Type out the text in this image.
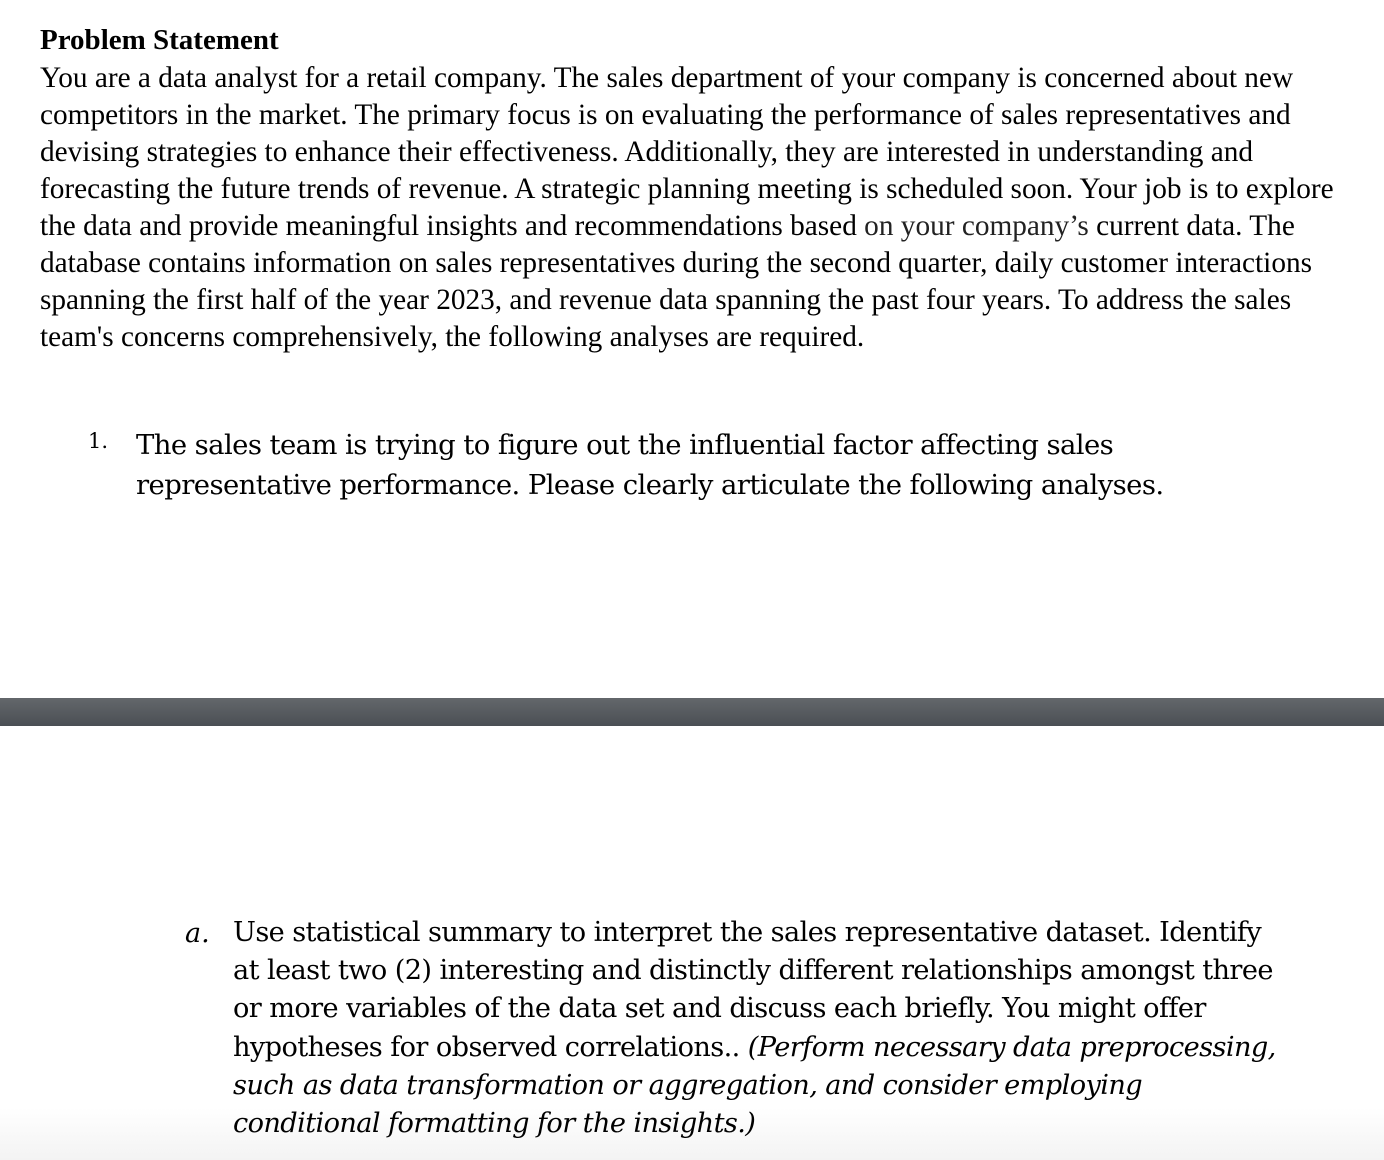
Problem Statement

You are a data analyst for a retail company. The sales department of your company is concerned about new competitors in the market. The primary focus is on evaluating the performance of sales representatives and devising strategies to enhance their effectiveness. Additionally, they are interested in understanding and forecasting the future trends of revenue. A strategic planning meeting is scheduled soon. Your job is to explore the data and provide meaningful insights and recommendations based on your company’s current data. The database contains information on sales representatives during the second quarter, daily customer interactions spanning the first half of the year 2023, and revenue data spanning the past four years. To address the sales team's concerns comprehensively, the following analyses are required.

1. The sales team is trying to figure out the influential factor affecting sales representative performance. Please clearly articulate the following analyses.

a. Use statistical summary to interpret the sales representative dataset. Identify at least two (2) interesting and distinctly different relationships amongst three or more variables of the data set and discuss each briefly. You might offer hypotheses for observed correlations.. (Perform necessary data preprocessing, such as data transformation or aggregation, and consider employing conditional formatting for the insights.)
